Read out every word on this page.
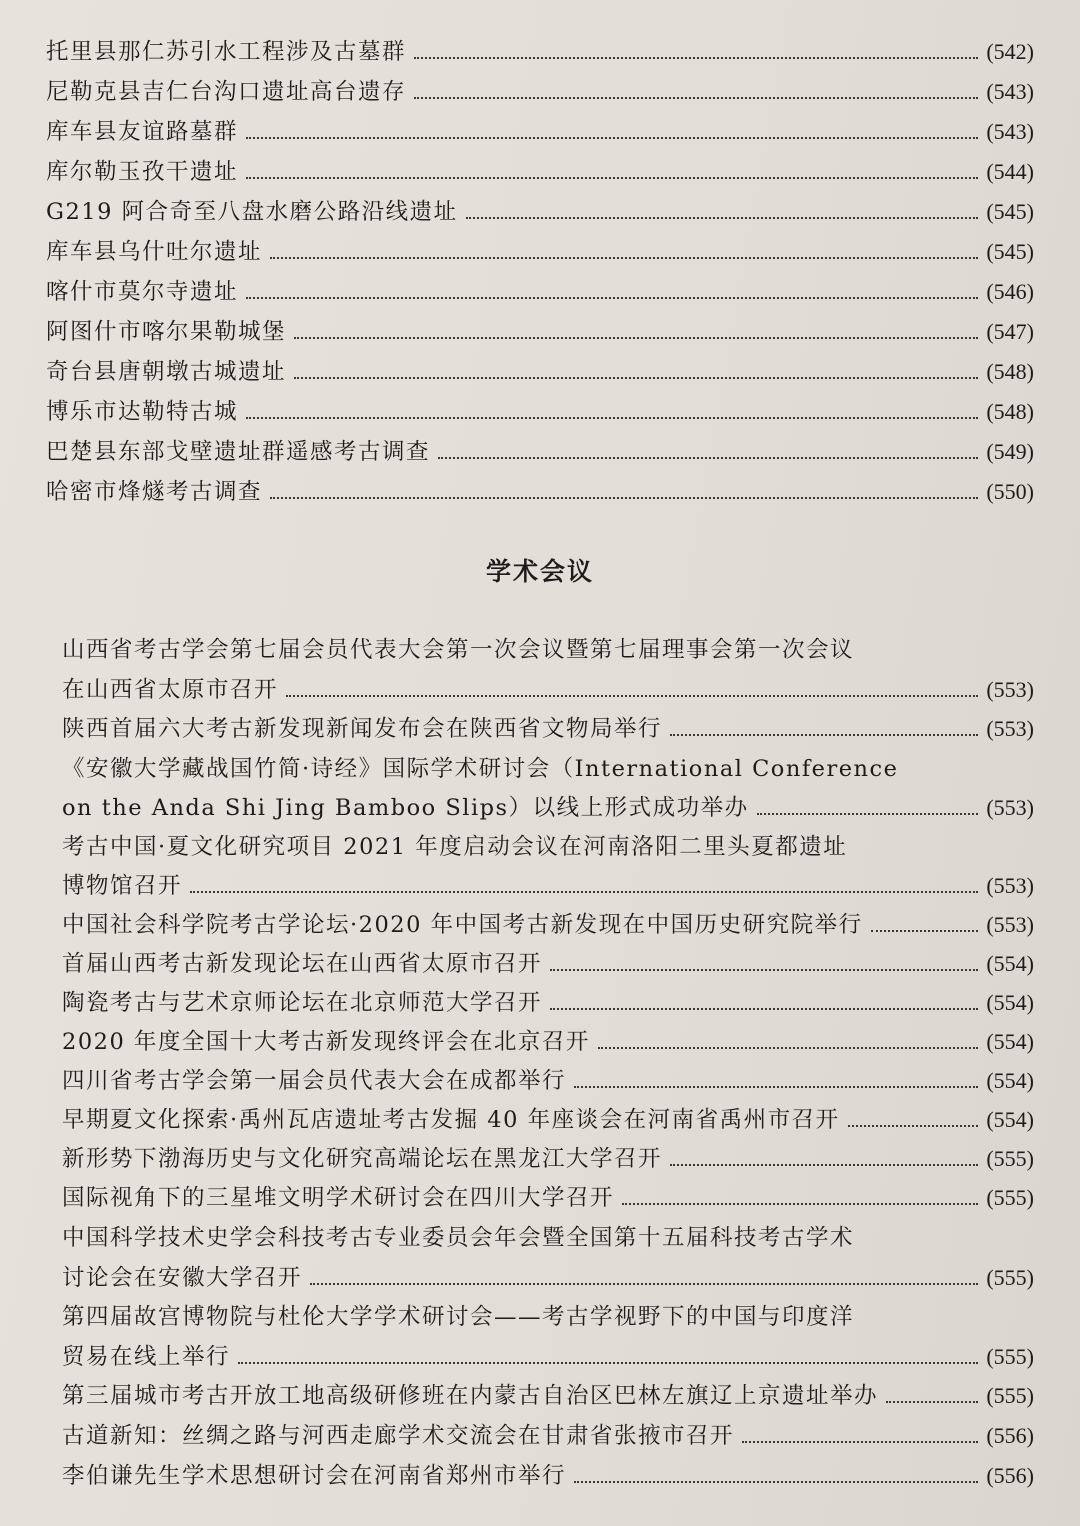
托里县那仁苏引水工程涉及古墓群	(542)
尼勒克县吉仁台沟口遗址高台遗存	(543)
库车县友谊路墓群	(543)
库尔勒玉孜干遗址	(544)
G219 阿合奇至八盘水磨公路沿线遗址	(545)
库车县乌什吐尔遗址	(545)
喀什市莫尔寺遗址	(546)
阿图什市喀尔果勒城堡	(547)
奇台县唐朝墩古城遗址	(548)
博乐市达勒特古城	(548)
巴楚县东部戈壁遗址群遥感考古调查	(549)
哈密市烽燧考古调查	(550)
学术会议
山西省考古学会第七届会员代表大会第一次会议暨第七届理事会第一次会议
在山西省太原市召开	(553)
陕西首届六大考古新发现新闻发布会在陕西省文物局举行	(553)
《安徽大学藏战国竹简·诗经》国际学术研讨会（International Conference
on the Anda Shi Jing Bamboo Slips）以线上形式成功举办	(553)
考古中国·夏文化研究项目 2021 年度启动会议在河南洛阳二里头夏都遗址
博物馆召开	(553)
中国社会科学院考古学论坛·2020 年中国考古新发现在中国历史研究院举行	(553)
首届山西考古新发现论坛在山西省太原市召开	(554)
陶瓷考古与艺术京师论坛在北京师范大学召开	(554)
2020 年度全国十大考古新发现终评会在北京召开	(554)
四川省考古学会第一届会员代表大会在成都举行	(554)
早期夏文化探索·禹州瓦店遗址考古发掘 40 年座谈会在河南省禹州市召开	(554)
新形势下渤海历史与文化研究高端论坛在黑龙江大学召开	(555)
国际视角下的三星堆文明学术研讨会在四川大学召开	(555)
中国科学技术史学会科技考古专业委员会年会暨全国第十五届科技考古学术
讨论会在安徽大学召开	(555)
第四届故宫博物院与杜伦大学学术研讨会——考古学视野下的中国与印度洋
贸易在线上举行	(555)
第三届城市考古开放工地高级研修班在内蒙古自治区巴林左旗辽上京遗址举办	(555)
古道新知：丝绸之路与河西走廊学术交流会在甘肃省张掖市召开	(556)
李伯谦先生学术思想研讨会在河南省郑州市举行	(556)
